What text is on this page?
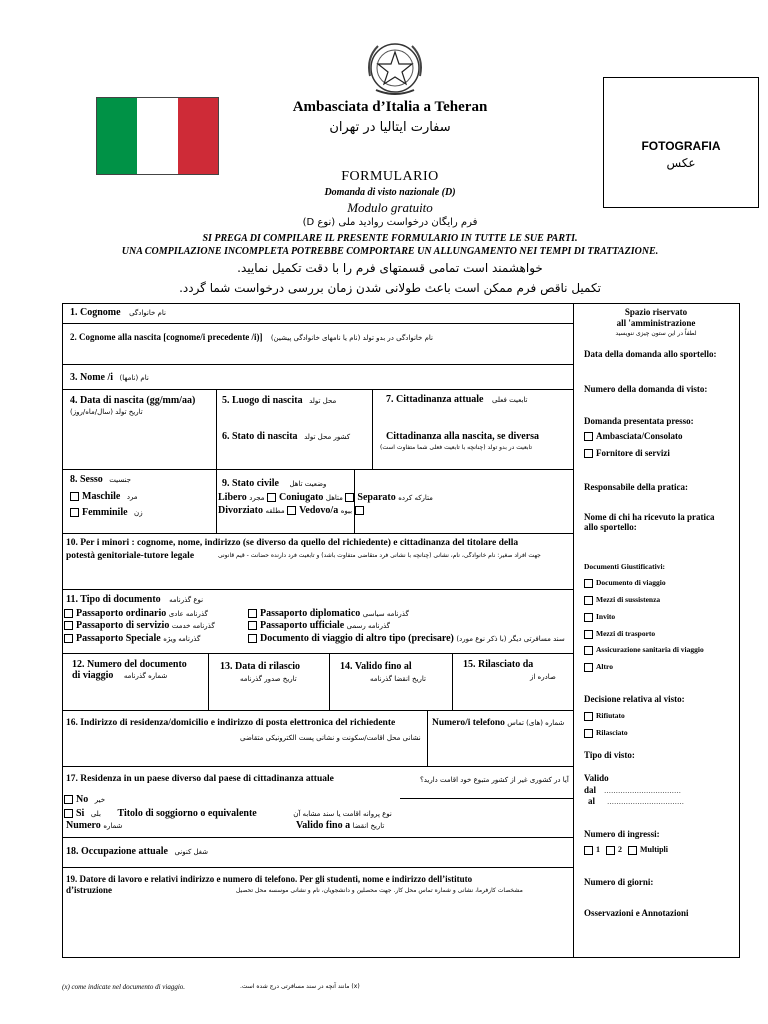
Ambasciata d’Italia a Teheran
سفارت ایتالیا در تهران
FORMULARIO
Domanda di visto nazionale (D)
Modulo gratuito
فرم رایگان درخواست روادید ملی (نوع D)
SI PREGA DI COMPILARE IL PRESENTE FORMULARIO IN TUTTE LE SUE PARTI.
UNA COMPILAZIONE INCOMPLETA POTREBBE COMPORTARE UN ALLUNGAMENTO NEI TEMPI DI TRATTAZIONE.
خواهشمند است تمامی قسمتهای فرم را با دقت تکمیل نمایید.
تکمیل ناقص فرم ممکن است باعث طولانی شدن زمان بررسی درخواست شما گردد.
FOTOGRAFIA
عکس
1. Cognome نام خانوادگی
2. Cognome alla nascita [cognome/i precedente /i)] نام خانوادگی در بدو تولد (نام یا نامهای خانوادگی پیشین)
3. Nome /i نام (نامها)
4. Data di nascita (gg/mm/aa)
تاریخ تولد (سال/ماه/روز)
5. Luogo di nascita محل تولد
6. Stato di nascita کشور محل تولد
7. Cittadinanza attuale تابعیت فعلی
Cittadinanza alla nascita, se diversa
تابعیت در بدو تولد (چنانچه با تابعیت فعلی شما متفاوت است)
8. Sesso جنسیت
Maschile مرد
Femminile زن
9. Stato civile وضعیت تاهل
Libero مجرد Coniugato متاهل Separato متارکه کرده
Divorziato مطلقه Vedovo/a بیوه
10. Per i minori : cognome, nome, indirizzo (se diverso da quello del richiedente) e cittadinanza del titolare della
potestà genitoriale-tutore legale	جهت افراد صغیر: نام خانوادگی، نام، نشانی (چنانچه با نشانی فرد متقاضی متفاوت باشد) و تابعیت فرد دارنده حضانت - قیم قانونی
11. Tipo di documento نوع گذرنامه
Passaporto ordinario گذرنامه عادی
Passaporto di servizio گذرنامه خدمت
Passaporto Speciale گذرنامه ویژه
Passaporto diplomatico گذرنامه سیاسی
Passaporto ufficiale گذرنامه رسمی
Documento di viaggio di altro tipo (precisare) سند مسافرتی دیگر (با ذکر نوع مورد)
12. Numero del documento
di viaggio شماره گذرنامه
13. Data di rilascio
تاریخ صدور گذرنامه
14. Valido fino al
تاریخ انقضا گذرنامه
15. Rilasciato da
صادره از
16. Indirizzo di residenza/domicilio e indirizzo di posta elettronica del richiedente
نشانی محل اقامت/سکونت و نشانی پست الکترونیکی متقاضی
Numero/i telefono شماره (های) تماس
17. Residenza in un paese diverso dal paese di cittadinanza attuale	آیا در کشوری غیر از کشور متبوع خود اقامت دارید؟
No خیر
Si بلی Titolo di soggiorno o equivalente	نوع پروانه اقامت یا سند مشابه آن
Numero شماره	Valido fino a تاریخ انقضا
18. Occupazione attuale شغل کنونی
19. Datore di lavoro e relativi indirizzo e numero di telefono. Per gli studenti, nome e indirizzo dell’istituto
d’istruzione	مشخصات کارفرما، نشانی و شماره تماس محل کار. جهت محصلین و دانشجویان، نام و نشانی موسسه محل تحصیل
Spazio riservato
all 'amministrazione
لطفاً در این ستون چیزی ننویسید
Data della domanda allo sportello:
Numero della domanda di visto:
Domanda presentata presso:
Ambasciata/Consolato
Fornitore di servizi
Responsabile della pratica:
Nome di chi ha ricevuto la pratica allo sportello:
Documenti Giustificativi:
Documento di viaggio
Mezzi di sussistenza
Invito
Mezzi di trasporto
Assicurazione sanitaria di viaggio
Altro
Decisione relativa al visto:
Rifiutato
Rilasciato
Tipo di visto:
Valido
dal ……………………………
al ……………………………
Numero di ingressi:
1 2 Multipli
Numero di giorni:
Osservazioni e Annotazioni
(x) come indicate nel documento di viaggio.	(x) مانند آنچه در سند مسافرتی درج شده است.
